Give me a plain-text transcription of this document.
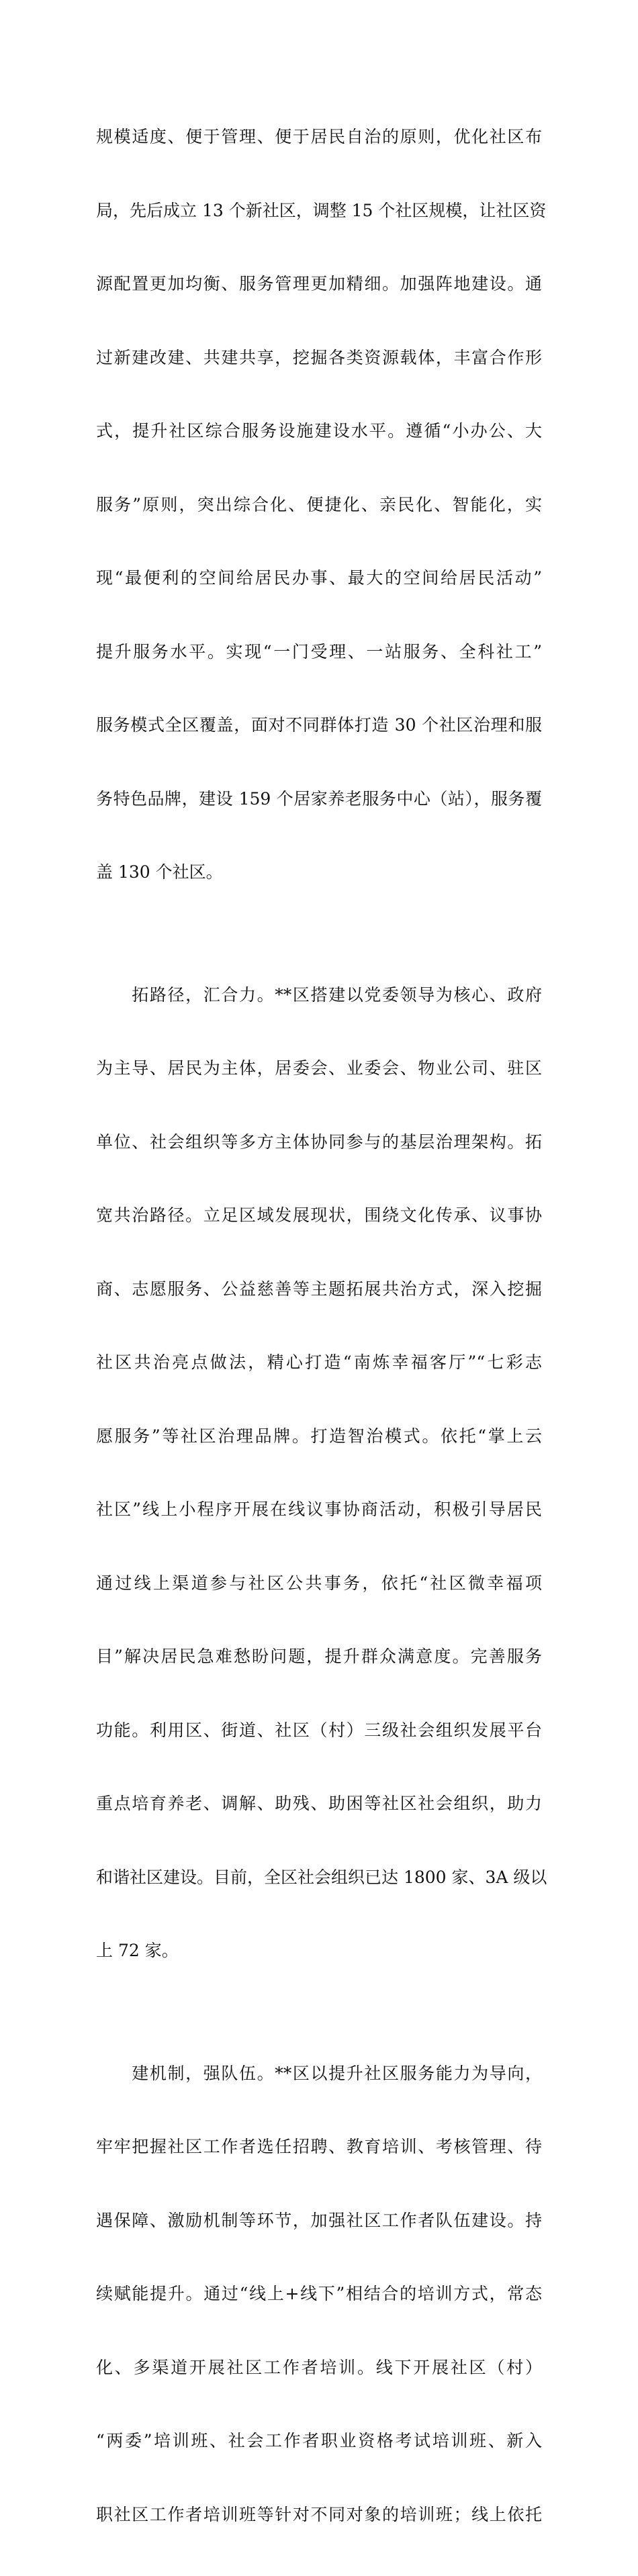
规模适度、便于管理、便于居民自治的原则，优化社区布

局，先后成立 13 个新社区，调整 15 个社区规模，让社区资

源配置更加均衡、服务管理更加精细。加强阵地建设。通

过新建改建、共建共享，挖掘各类资源载体，丰富合作形

式，提升社区综合服务设施建设水平。遵循“小办公、大

服务”原则，突出综合化、便捷化、亲民化、智能化，实

现“最便利的空间给居民办事、最大的空间给居民活动”

提升服务水平。实现“一门受理、一站服务、全科社工”

服务模式全区覆盖，面对不同群体打造 30 个社区治理和服

务特色品牌，建设 159 个居家养老服务中心（站），服务覆

盖 130 个社区。

　　拓路径，汇合力。**区搭建以党委领导为核心、政府

为主导、居民为主体，居委会、业委会、物业公司、驻区

单位、社会组织等多方主体协同参与的基层治理架构。拓

宽共治路径。立足区域发展现状，围绕文化传承、议事协

商、志愿服务、公益慈善等主题拓展共治方式，深入挖掘

社区共治亮点做法，精心打造“南炼幸福客厅”“七彩志

愿服务”等社区治理品牌。打造智治模式。依托“掌上云

社区”线上小程序开展在线议事协商活动，积极引导居民

通过线上渠道参与社区公共事务，依托“社区微幸福项

目”解决居民急难愁盼问题，提升群众满意度。完善服务

功能。利用区、街道、社区（村）三级社会组织发展平台

重点培育养老、调解、助残、助困等社区社会组织，助力

和谐社区建设。目前，全区社会组织已达 1800 家、3A 级以

上 72 家。

　　建机制，强队伍。**区以提升社区服务能力为导向，

牢牢把握社区工作者选任招聘、教育培训、考核管理、待

遇保障、激励机制等环节，加强社区工作者队伍建设。持

续赋能提升。通过“线上+线下”相结合的培训方式，常态

化、多渠道开展社区工作者培训。线下开展社区（村）

“两委”培训班、社会工作者职业资格考试培训班、新入

职社区工作者培训班等针对不同对象的培训班；线上依托
